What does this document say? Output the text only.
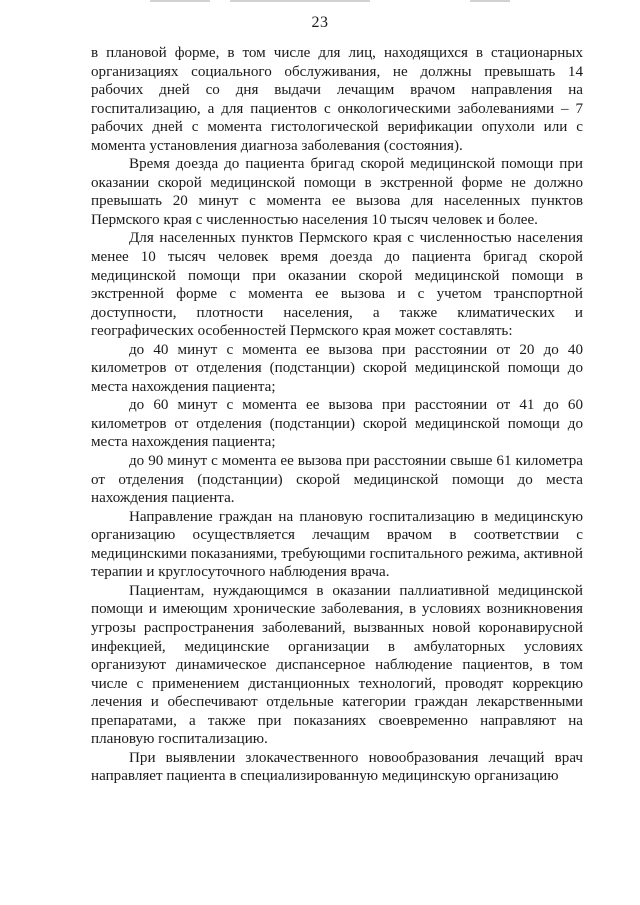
23

в плановой форме, в том числе для лиц, находящихся в стационарных организациях социального обслуживания, не должны превышать 14 рабочих дней со дня выдачи лечащим врачом направления на госпитализацию, а для пациентов с онкологическими заболеваниями – 7 рабочих дней с момента гистологической верификации опухоли или с момента установления диагноза заболевания (состояния).

Время доезда до пациента бригад скорой медицинской помощи при оказании скорой медицинской помощи в экстренной форме не должно превышать 20 минут с момента ее вызова для населенных пунктов Пермского края с численностью населения 10 тысяч человек и более.

Для населенных пунктов Пермского края с численностью населения менее 10 тысяч человек время доезда до пациента бригад скорой медицинской помощи при оказании скорой медицинской помощи в экстренной форме с момента ее вызова и с учетом транспортной доступности, плотности населения, а также климатических и географических особенностей Пермского края может составлять:

до 40 минут с момента ее вызова при расстоянии от 20 до 40 километров от отделения (подстанции) скорой медицинской помощи до места нахождения пациента;

до 60 минут с момента ее вызова при расстоянии от 41 до 60 километров от отделения (подстанции) скорой медицинской помощи до места нахождения пациента;

до 90 минут с момента ее вызова при расстоянии свыше 61 километра от отделения (подстанции) скорой медицинской помощи до места нахождения пациента.

Направление граждан на плановую госпитализацию в медицинскую организацию осуществляется лечащим врачом в соответствии с медицинскими показаниями, требующими госпитального режима, активной терапии и круглосуточного наблюдения врача.

Пациентам, нуждающимся в оказании паллиативной медицинской помощи и имеющим хронические заболевания, в условиях возникновения угрозы распространения заболеваний, вызванных новой коронавирусной инфекцией, медицинские организации в амбулаторных условиях организуют динамическое диспансерное наблюдение пациентов, в том числе с применением дистанционных технологий, проводят коррекцию лечения и обеспечивают отдельные категории граждан лекарственными препаратами, а также при показаниях своевременно направляют на плановую госпитализацию.

При выявлении злокачественного новообразования лечащий врач направляет пациента в специализированную медицинскую организацию
